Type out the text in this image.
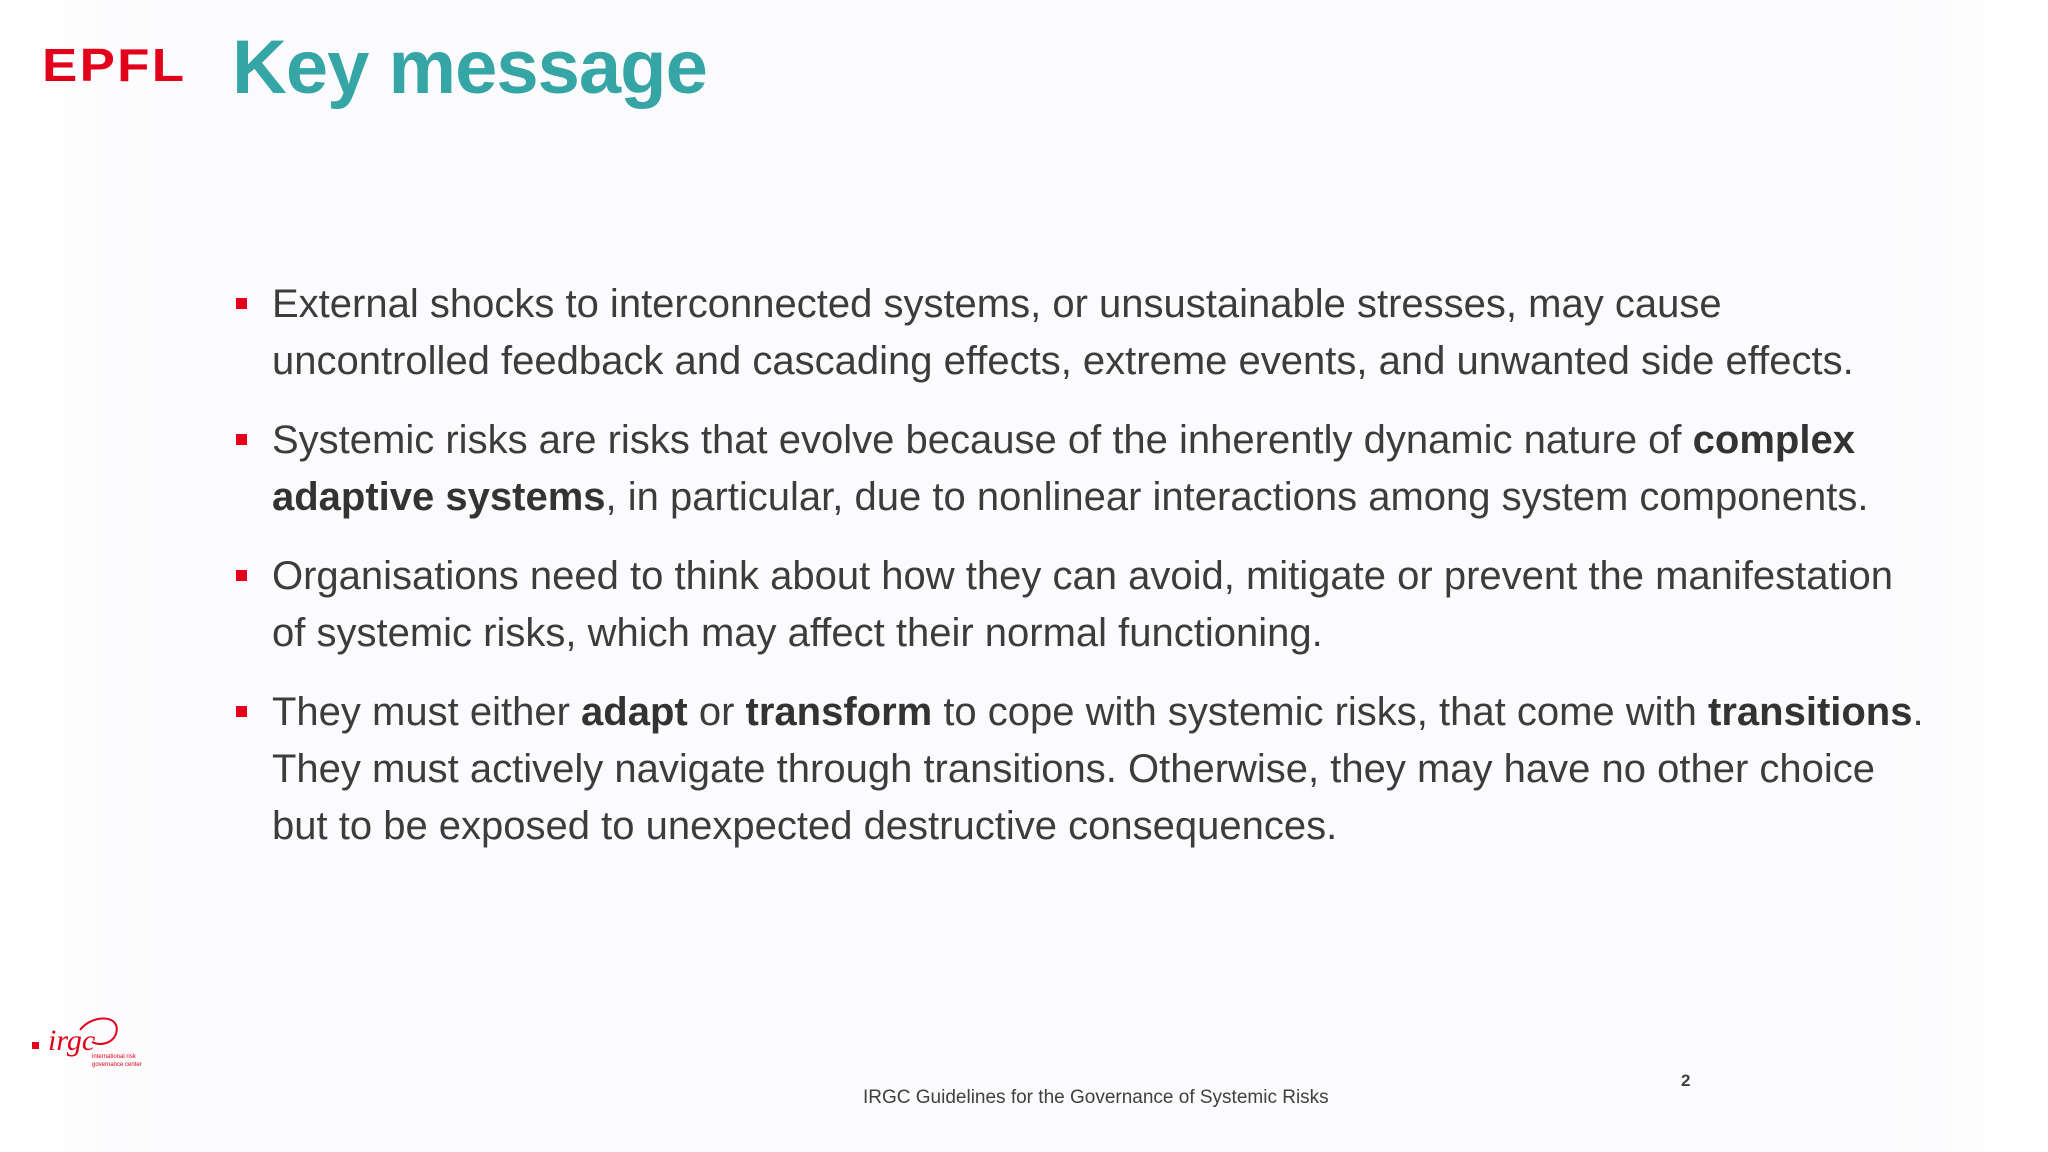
EPFL Key message
External shocks to interconnected systems, or unsustainable stresses, may cause uncontrolled feedback and cascading effects, extreme events, and unwanted side effects.
Systemic risks are risks that evolve because of the inherently dynamic nature of complex adaptive systems, in particular, due to nonlinear interactions among system components.
Organisations need to think about how they can avoid, mitigate or prevent the manifestation of systemic risks, which may affect their normal functioning.
They must either adapt or transform to cope with systemic risks, that come with transitions. They must actively navigate through transitions. Otherwise, they may have no other choice but to be exposed to unexpected destructive consequences.
irgc
international risk
governance center
IRGC Guidelines for the Governance of Systemic Risks
2
